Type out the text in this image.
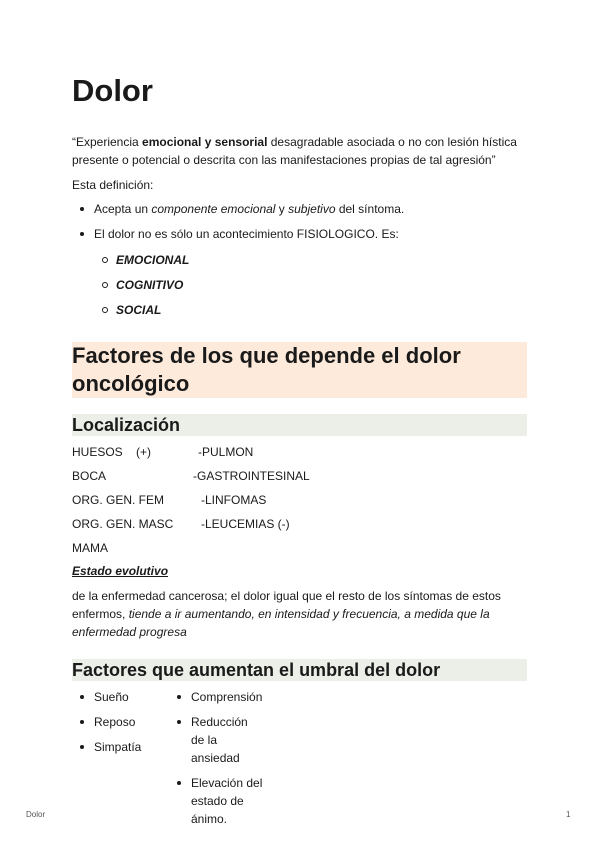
Dolor

“Experiencia emocional y sensorial desagradable asociada o no con lesión hística presente o potencial o descrita con las manifestaciones propias de tal agresión”

Esta definición:

Acepta un componente emocional y subjetivo del síntoma.
El dolor no es sólo un acontecimiento FISIOLOGICO. Es:
EMOCIONAL
COGNITIVO
SOCIAL
Factores de los que depende el dolor oncológico
Localización
HUESOS    (+)	-PULMON
BOCA	-GASTROINTESINAL
ORG. GEN. FEM	-LINFOMAS
ORG. GEN. MASC -LEUCEMIAS (-)
MAMA
Estado evolutivo

de la enfermedad cancerosa; el dolor igual que el resto de los síntomas de estos enfermos, tiende a ir aumentando, en intensidad y frecuencia, a medida que la enfermedad progresa

Factores que aumentan el umbral del dolor
Sueño
Reposo
Simpatía
Comprensión
Reducción de la ansiedad
Elevación del estado de ánimo.
Dolor	1
